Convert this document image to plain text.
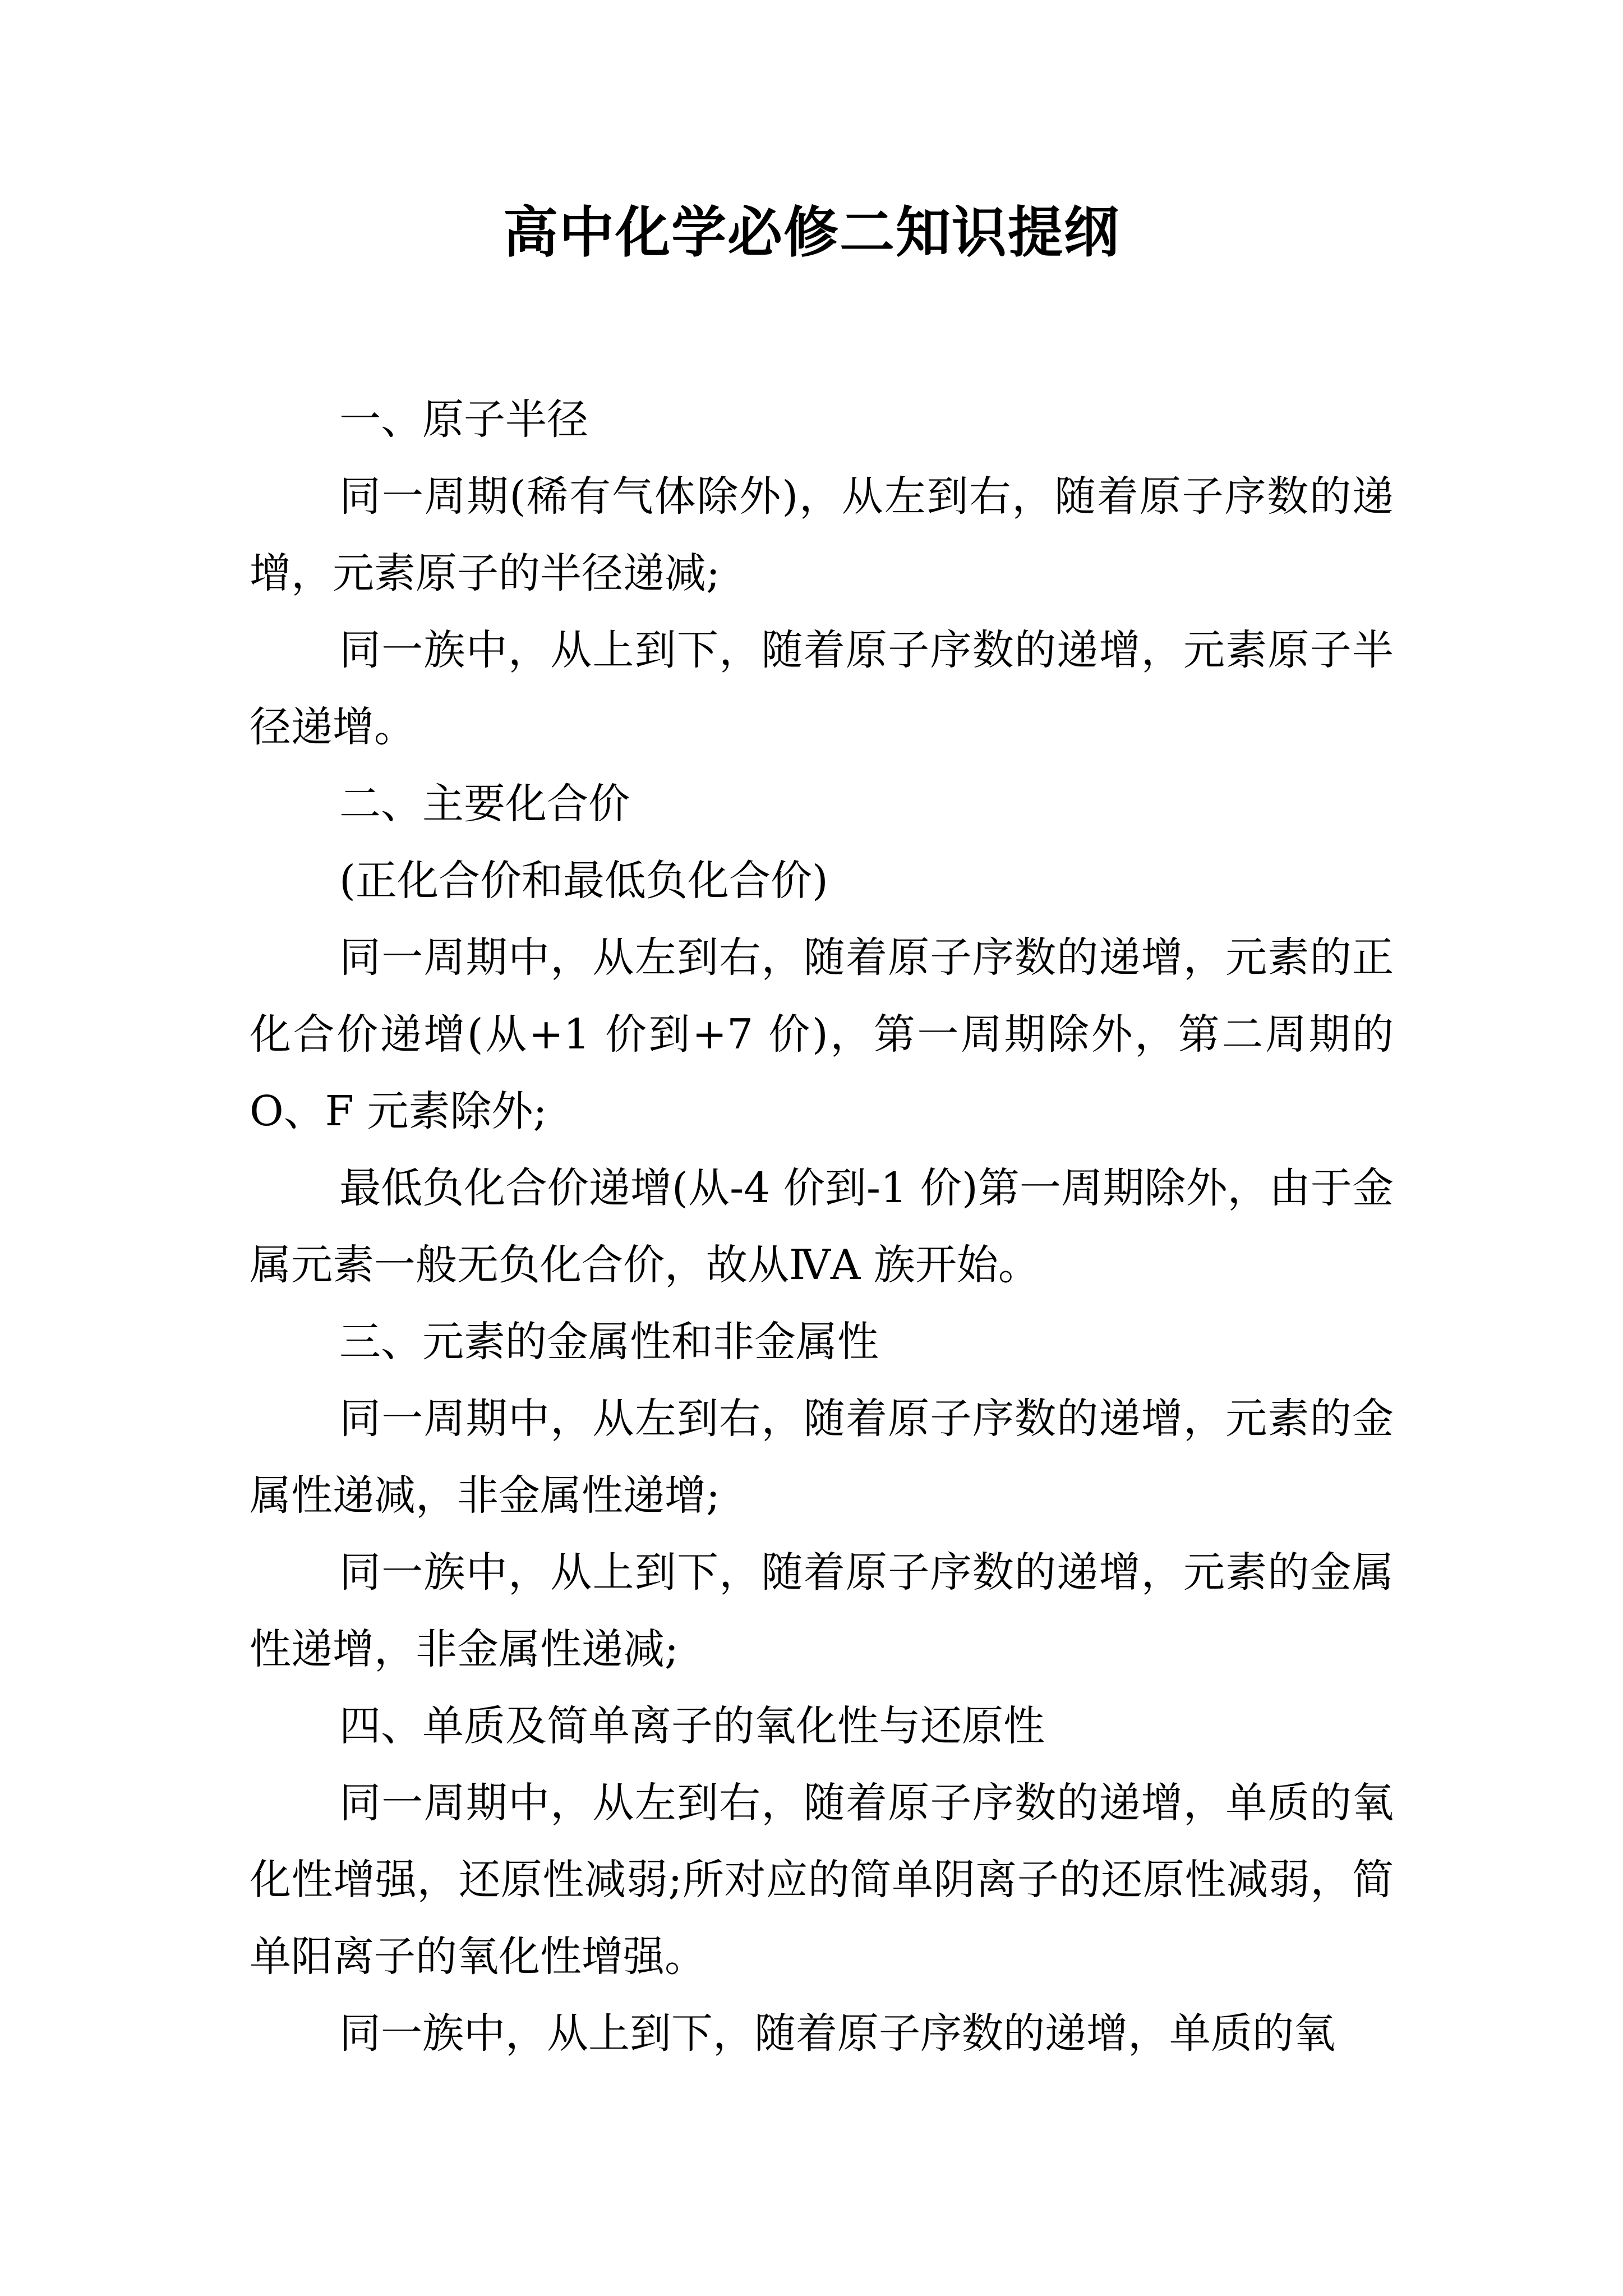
高中化学必修二知识提纲

一、原子半径

同一周期(稀有气体除外)，从左到右，随着原子序数的递增，元素原子的半径递减;

同一族中，从上到下，随着原子序数的递增，元素原子半径递增。

二、主要化合价

(正化合价和最低负化合价)

同一周期中，从左到右，随着原子序数的递增，元素的正化合价递增(从+1 价到+7 价)，第一周期除外，第二周期的 O、F 元素除外;

最低负化合价递增(从-4 价到-1 价)第一周期除外，由于金属元素一般无负化合价，故从ⅣA 族开始。

三、元素的金属性和非金属性

同一周期中，从左到右，随着原子序数的递增，元素的金属性递减，非金属性递增;

同一族中，从上到下，随着原子序数的递增，元素的金属性递增，非金属性递减;

四、单质及简单离子的氧化性与还原性

同一周期中，从左到右，随着原子序数的递增，单质的氧化性增强，还原性减弱;所对应的简单阴离子的还原性减弱，简单阳离子的氧化性增强。

同一族中，从上到下，随着原子序数的递增，单质的氧
